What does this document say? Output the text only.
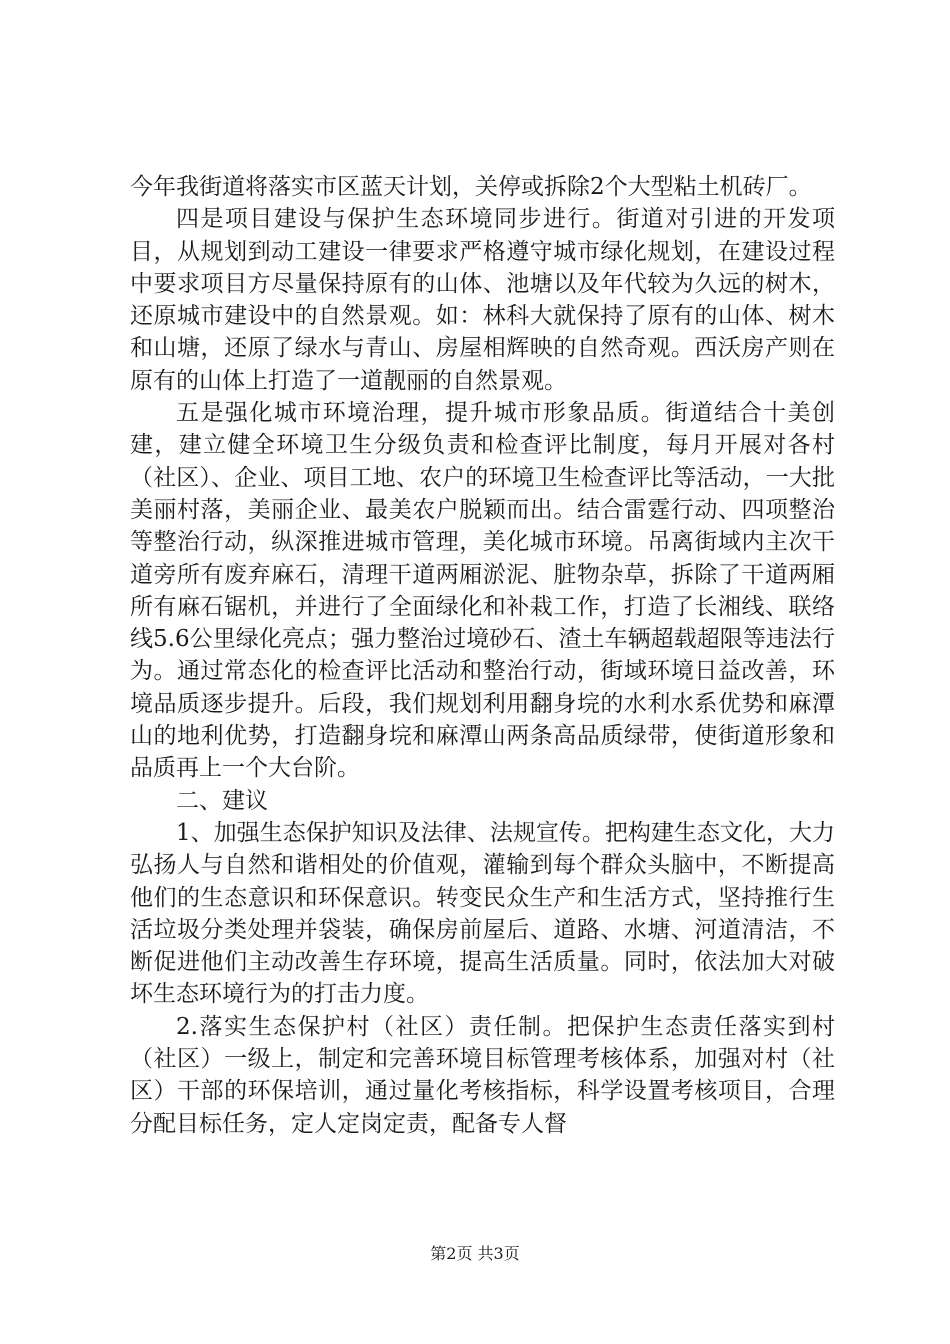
今年我街道将落实市区蓝天计划，关停或拆除2个大型粘土机砖厂。

四是项目建设与保护生态环境同步进行。街道对引进的开发项目，从规划到动工建设一律要求严格遵守城市绿化规划，在建设过程中要求项目方尽量保持原有的山体、池塘以及年代较为久远的树木，还原城市建设中的自然景观。如：林科大就保持了原有的山体、树木和山塘，还原了绿水与青山、房屋相辉映的自然奇观。西沃房产则在原有的山体上打造了一道靓丽的自然景观。

五是强化城市环境治理，提升城市形象品质。街道结合十美创建，建立健全环境卫生分级负责和检查评比制度，每月开展对各村（社区）、企业、项目工地、农户的环境卫生检查评比等活动，一大批美丽村落，美丽企业、最美农户脱颖而出。结合雷霆行动、四项整治等整治行动，纵深推进城市管理，美化城市环境。吊离街域内主次干道旁所有废弃麻石，清理干道两厢淤泥、脏物杂草，拆除了干道两厢所有麻石锯机，并进行了全面绿化和补栽工作，打造了长湘线、联络线5.6公里绿化亮点；强力整治过境砂石、渣土车辆超载超限等违法行为。通过常态化的检查评比活动和整治行动，街域环境日益改善，环境品质逐步提升。后段，我们规划利用翻身垸的水利水系优势和麻潭山的地利优势，打造翻身垸和麻潭山两条高品质绿带，使街道形象和品质再上一个大台阶。

二、建议

1、加强生态保护知识及法律、法规宣传。把构建生态文化，大力弘扬人与自然和谐相处的价值观，灌输到每个群众头脑中，不断提高他们的生态意识和环保意识。转变民众生产和生活方式，坚持推行生活垃圾分类处理并袋装，确保房前屋后、道路、水塘、河道清洁，不断促进他们主动改善生存环境，提高生活质量。同时，依法加大对破坏生态环境行为的打击力度。

2.落实生态保护村（社区）责任制。把保护生态责任落实到村（社区）一级上，制定和完善环境目标管理考核体系，加强对村（社区）干部的环保培训，通过量化考核指标，科学设置考核项目，合理分配目标任务，定人定岗定责，配备专人督

第2页 共3页
